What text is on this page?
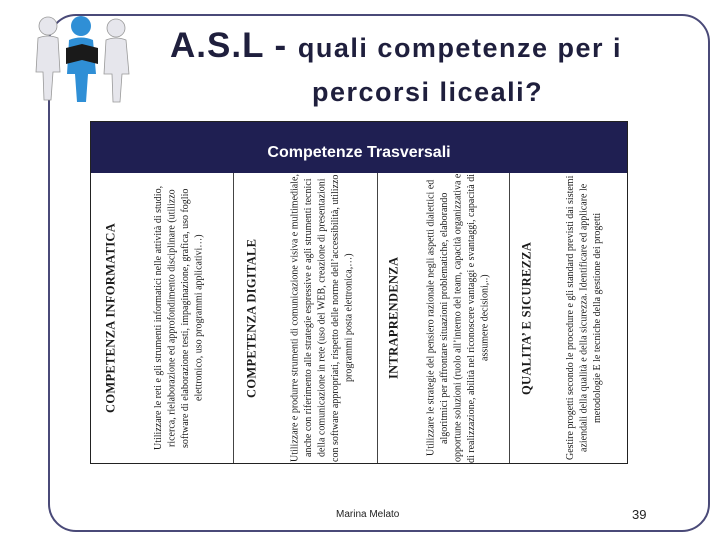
A.S.L - quali competenze per i
percorsi liceali?
Competenze Trasversali
COMPETENZA INFORMATICA	Utilizzare le reti e gli strumenti informatici nelle attività di studio, ricerca, rielaborazione ed approfondimento disciplinare (utilizzo software di elaborazione testi, impaginazione, grafica, uso foglio elettronico, uso programmi applicativi…)	COMPETENZA DIGITALE	Utilizzare e produrre strumenti di comunicazione visiva e multimediale, anche con riferimento alle strategie espressive e agli strumenti tecnici della comunicazione in rete (uso del WEB, creazione di presentazioni con software appropriati, rispetto delle norme dell’accessibilità, utilizzo programmi posta elettronica,…)	INTRAPRENDENZA	Utilizzare le strategie del pensiero razionale negli aspetti dialettici ed algoritmici per affrontare situazioni problematiche, elaborando opportune soluzioni (ruolo all’interno del team, capacità organizzativa e di realizzazione, abilità nel riconoscere vantaggi e svantaggi, capacità di assumere decisioni,..)	QUALITA’ E SICUREZZA	Gestire progetti secondo le procedure e gli standard previsti dai sistemi aziendali della qualità e della sicurezza. Identificare ed applicare le metodologie E le tecniche della gestione dei progetti
Marina Melato	39
